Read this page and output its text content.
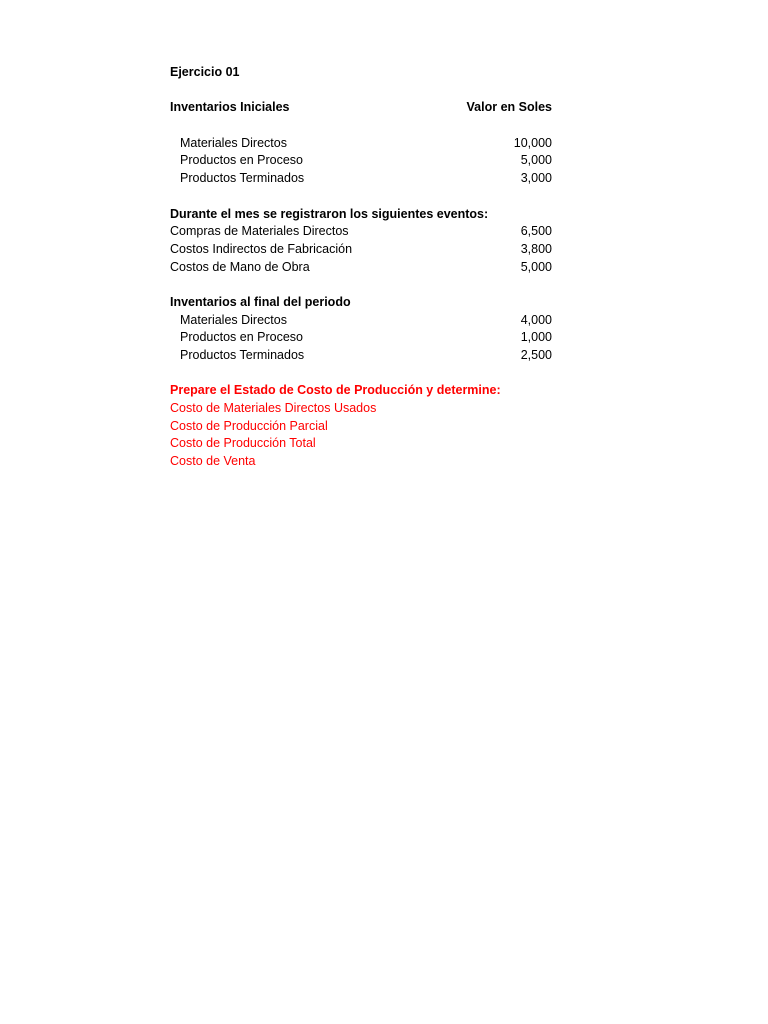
Ejercicio 01
Inventarios Iniciales	Valor en Soles
Materiales Directos	10,000
Productos en Proceso	5,000
Productos Terminados	3,000
Durante el mes se registraron los siguientes eventos:
Compras de Materiales Directos	6,500
Costos Indirectos de Fabricación	3,800
Costos de Mano de Obra	5,000
Inventarios al final del periodo
Materiales Directos	4,000
Productos en Proceso	1,000
Productos Terminados	2,500
Prepare el Estado de Costo de Producción y determine:
Costo de Materiales Directos Usados
Costo de Producción Parcial
Costo de Producción Total
Costo de Venta
